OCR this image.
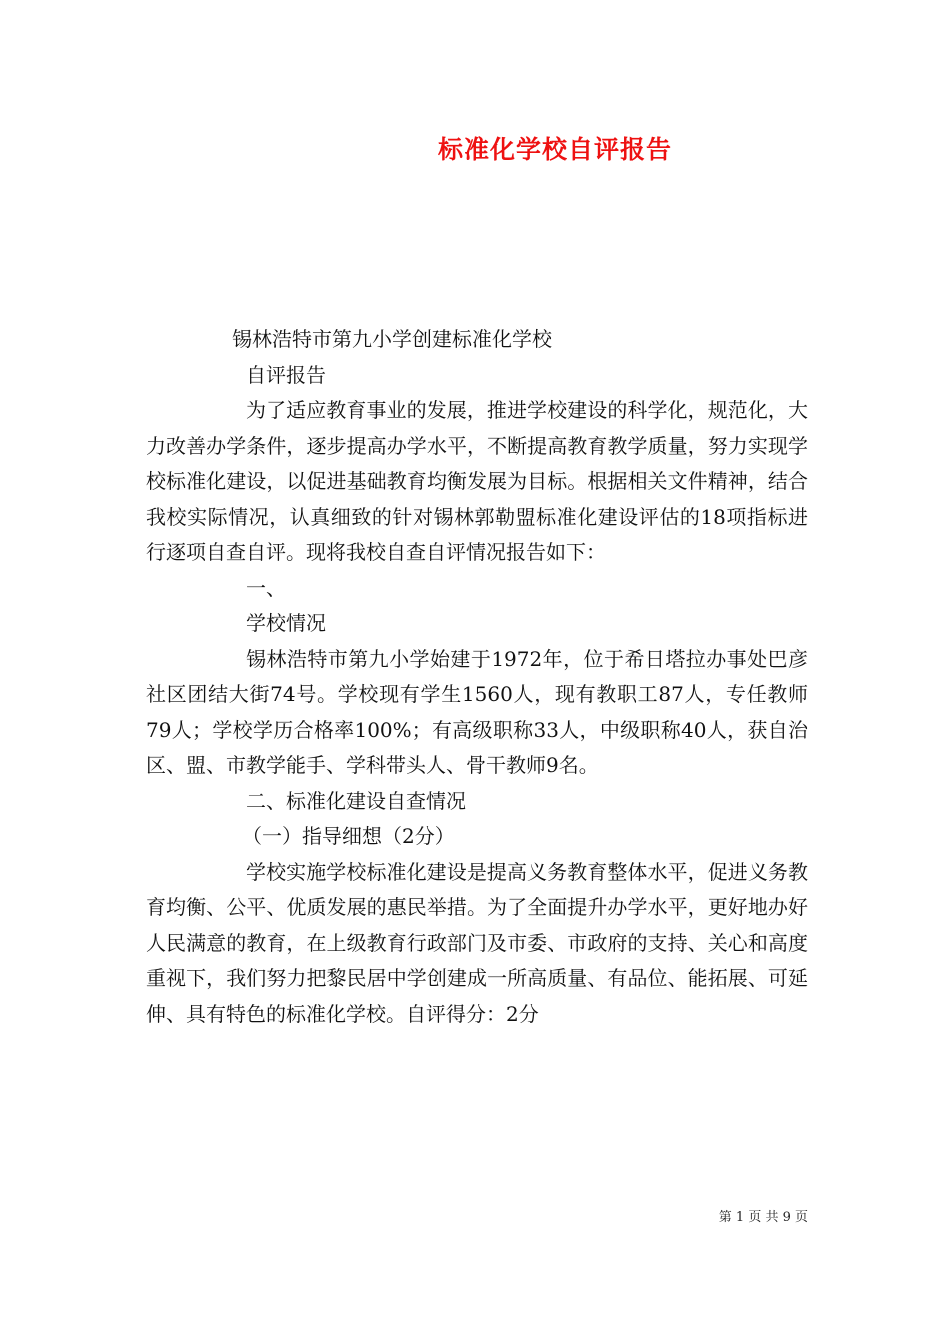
标准化学校自评报告

锡林浩特市第九小学创建标准化学校

自评报告

为了适应教育事业的发展，推进学校建设的科学化，规范化，大力改善办学条件，逐步提高办学水平，不断提高教育教学质量，努力实现学校标准化建设，以促进基础教育均衡发展为目标。根据相关文件精神，结合我校实际情况，认真细致的针对锡林郭勒盟标准化建设评估的18项指标进行逐项自查自评。现将我校自查自评情况报告如下：

一、

学校情况

锡林浩特市第九小学始建于1972年，位于希日塔拉办事处巴彦社区团结大街74号。学校现有学生1560人，现有教职工87人，专任教师79人；学校学历合格率100%；有高级职称33人，中级职称40人，获自治区、盟、市教学能手、学科带头人、骨干教师9名。

二、标准化建设自查情况

（一）指导细想（2分）

学校实施学校标准化建设是提高义务教育整体水平，促进义务教育均衡、公平、优质发展的惠民举措。为了全面提升办学水平，更好地办好人民满意的教育，在上级教育行政部门及市委、市政府的支持、关心和高度重视下，我们努力把黎民居中学创建成一所高质量、有品位、能拓展、可延伸、具有特色的标准化学校。自评得分：2分

第 1 页 共 9 页
